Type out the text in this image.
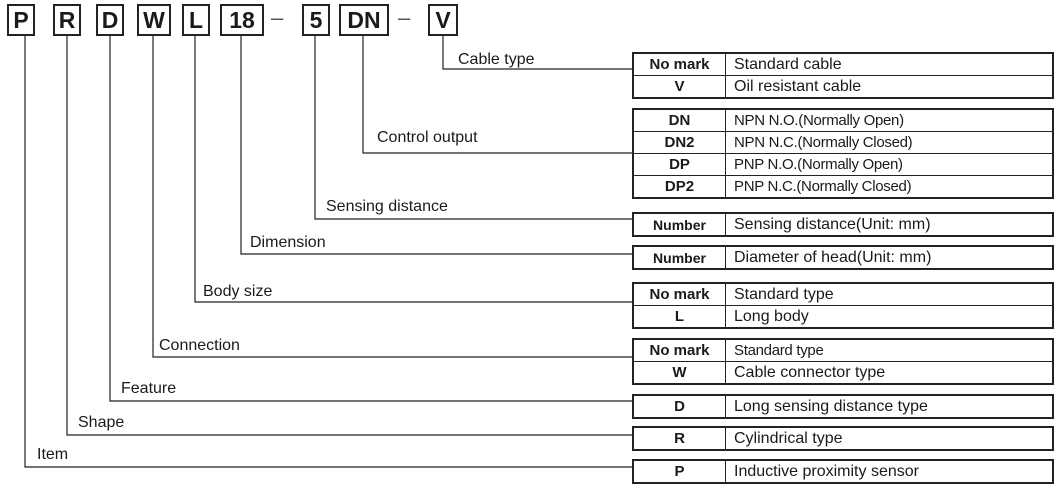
P R D W	L	18 –	5	DN –	V
Cable type
Control output
Sensing distance
Dimension
Body size
Connection
Feature
Shape
Item
No mark	Standard cable
V	Oil resistant cable
DN	NPN N.O.(Normally Open)
DN2	NPN N.C.(Normally Closed)
DP	PNP N.O.(Normally Open)
DP2	PNP N.C.(Normally Closed)
Number	Sensing distance(Unit: mm)
Number	Diameter of head(Unit: mm)
No mark	Standard type
L	Long body
No mark	Standard type
W	Cable connector type
D	Long sensing distance type
R	Cylindrical type
P	Inductive proximity sensor
